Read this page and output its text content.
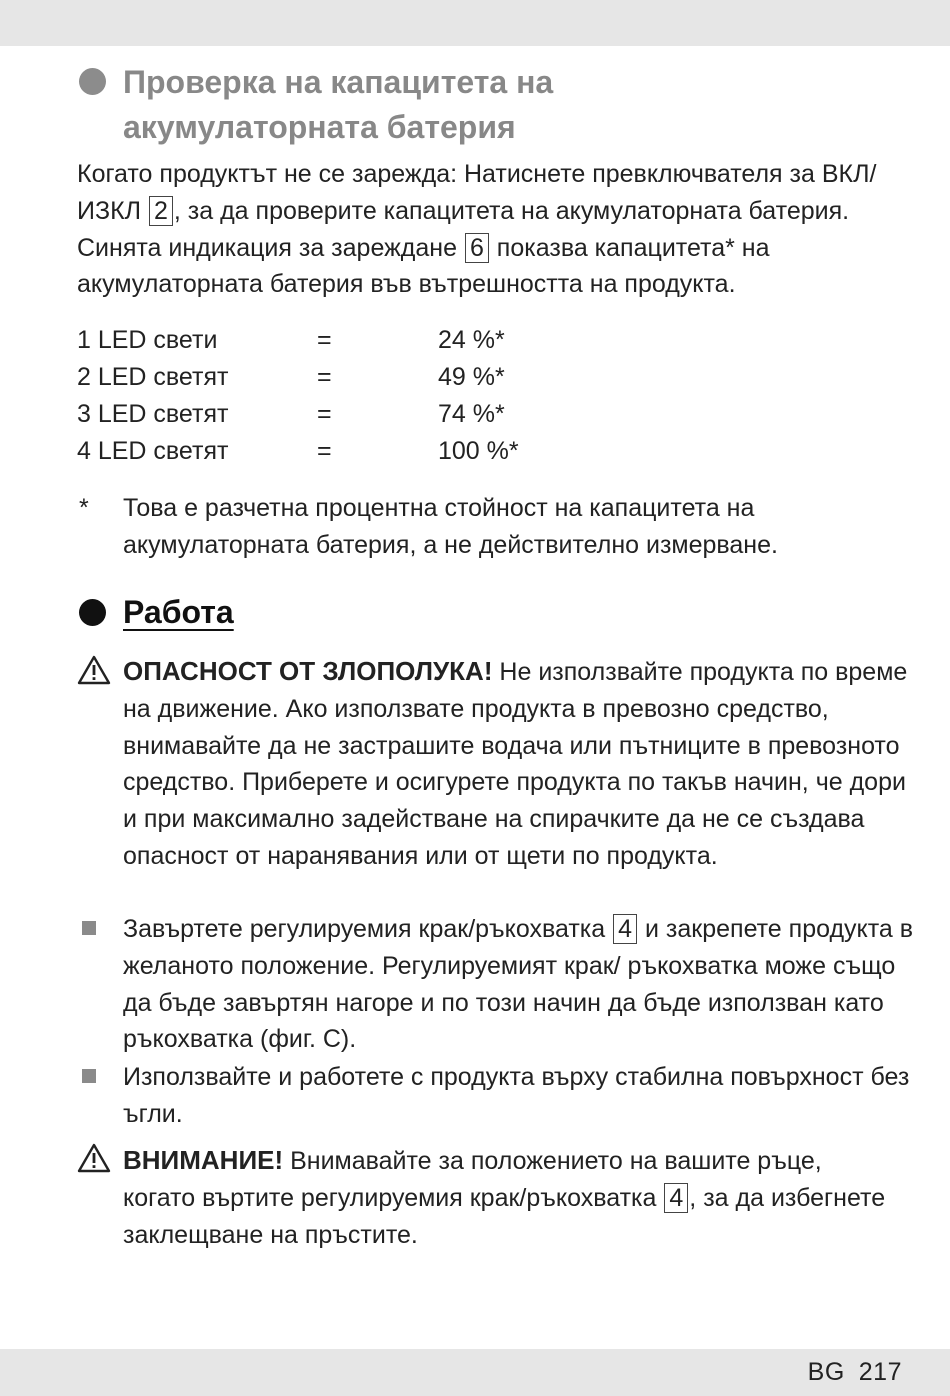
Проверка на капацитета на
акумулаторната батерия
Когато продуктът не се зарежда: Натиснете превключвателя за ВКЛ/ИЗКЛ 2 , за да проверите капацитета на акумулаторната батерия. Синята индикация за зареждане 6 показва капацитета* на акумулаторната батерия във вътрешността на продукта.
1 LED свети	=	24 %*
2 LED светят	=	49 %*
3 LED светят	=	74 %*
4 LED светят	=	100 %*
* Това е разчетна процентна стойност на капацитета на акумулаторната батерия, а не действително измерване.
Работа
ОПАСНОСТ ОТ ЗЛОПОЛУКА! Не използвайте продукта по време на движение. Ако използвате продукта в превозно средство, внимавайте да не застрашите водача или пътниците в превозното средство. Приберете и осигурете продукта по такъв начин, че дори и при максимално задействане на спирачките да не се създава опасност от наранявания или от щети по продукта.
Завъртете регулируемия крак/ръкохватка 4 и закрепете продукта в желаното положение. Регулируемият крак/ ръкохватка може също да бъде завъртян нагоре и по този начин да бъде използван като ръкохватка (фиг. C).
Използвайте и работете с продукта върху стабилна повърхност без ъгли.
ВНИМАНИЕ! Внимавайте за положението на вашите ръце, когато въртите регулируемия крак/ръкохватка 4 , за да избегнете заклещване на пръстите.
BG 217
